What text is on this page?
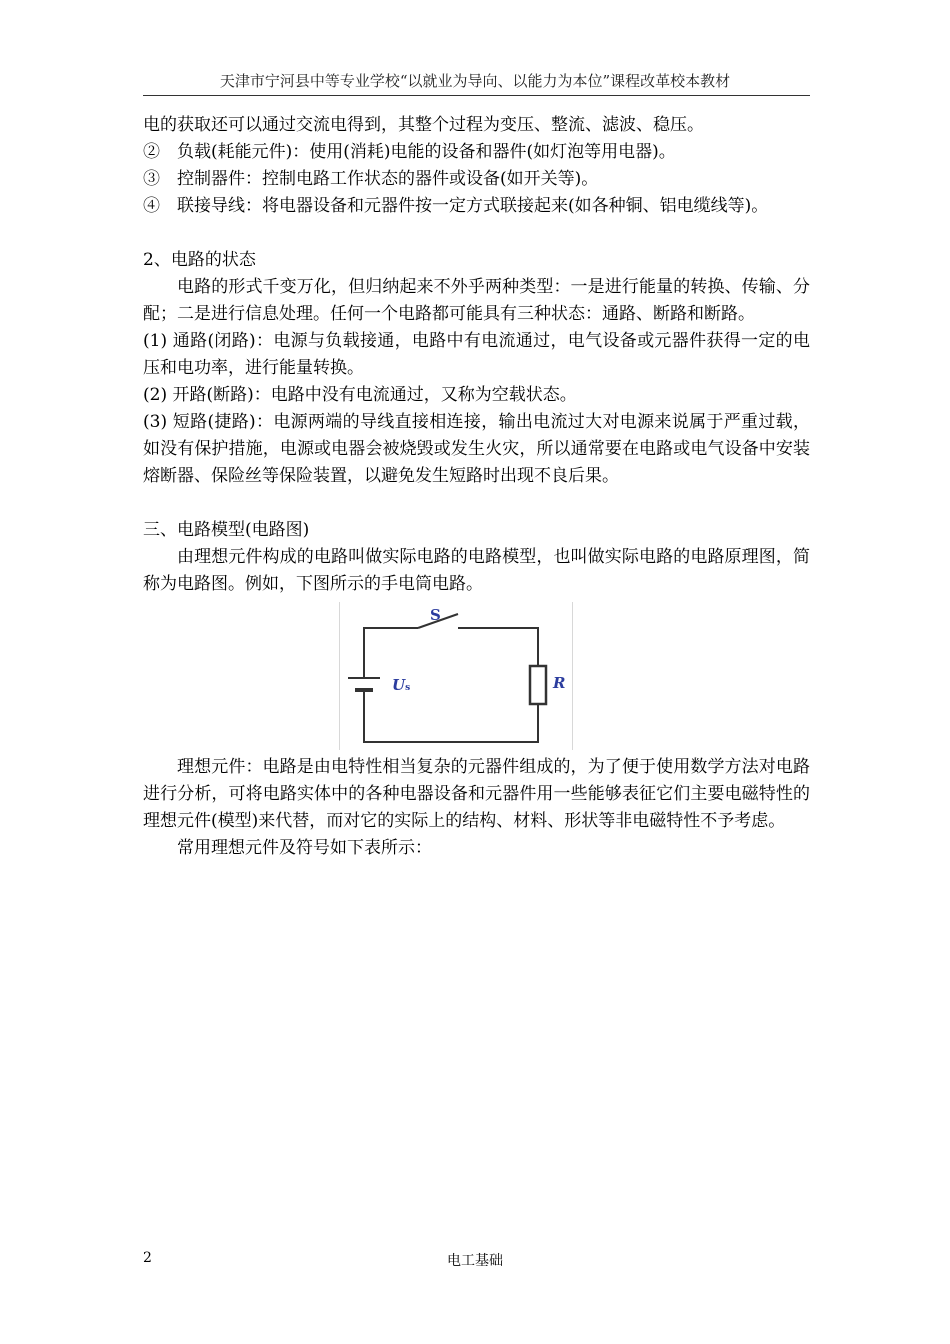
天津市宁河县中等专业学校“以就业为导向、以能力为本位”课程改革校本教材

电的获取还可以通过交流电得到，其整个过程为变压、整流、滤波、稳压。

②　负载(耗能元件)：使用(消耗)电能的设备和器件(如灯泡等用电器)。

③　控制器件：控制电路工作状态的器件或设备(如开关等)。

④　联接导线：将电器设备和元器件按一定方式联接起来(如各种铜、铝电缆线等)。

2、电路的状态

电路的形式千变万化，但归纳起来不外乎两种类型：一是进行能量的转换、传输、分配；二是进行信息处理。任何一个电路都可能具有三种状态：通路、断路和断路。

(1) 通路(闭路)：电源与负载接通，电路中有电流通过，电气设备或元器件获得一定的电压和电功率，进行能量转换。

(2) 开路(断路)：电路中没有电流通过，又称为空载状态。

(3) 短路(捷路)：电源两端的导线直接相连接，输出电流过大对电源来说属于严重过载，如没有保护措施，电源或电器会被烧毁或发生火灾，所以通常要在电路或电气设备中安装熔断器、保险丝等保险装置，以避免发生短路时出现不良后果。

三、电路模型(电路图)

由理想元件构成的电路叫做实际电路的电路模型，也叫做实际电路的电路原理图，简称为电路图。例如，下图所示的手电筒电路。

S
Us	R

理想元件：电路是由电特性相当复杂的元器件组成的，为了便于使用数学方法对电路进行分析，可将电路实体中的各种电器设备和元器件用一些能够表征它们主要电磁特性的理想元件(模型)来代替，而对它的实际上的结构、材料、形状等非电磁特性不予考虑。

常用理想元件及符号如下表所示：

2	电工基础
